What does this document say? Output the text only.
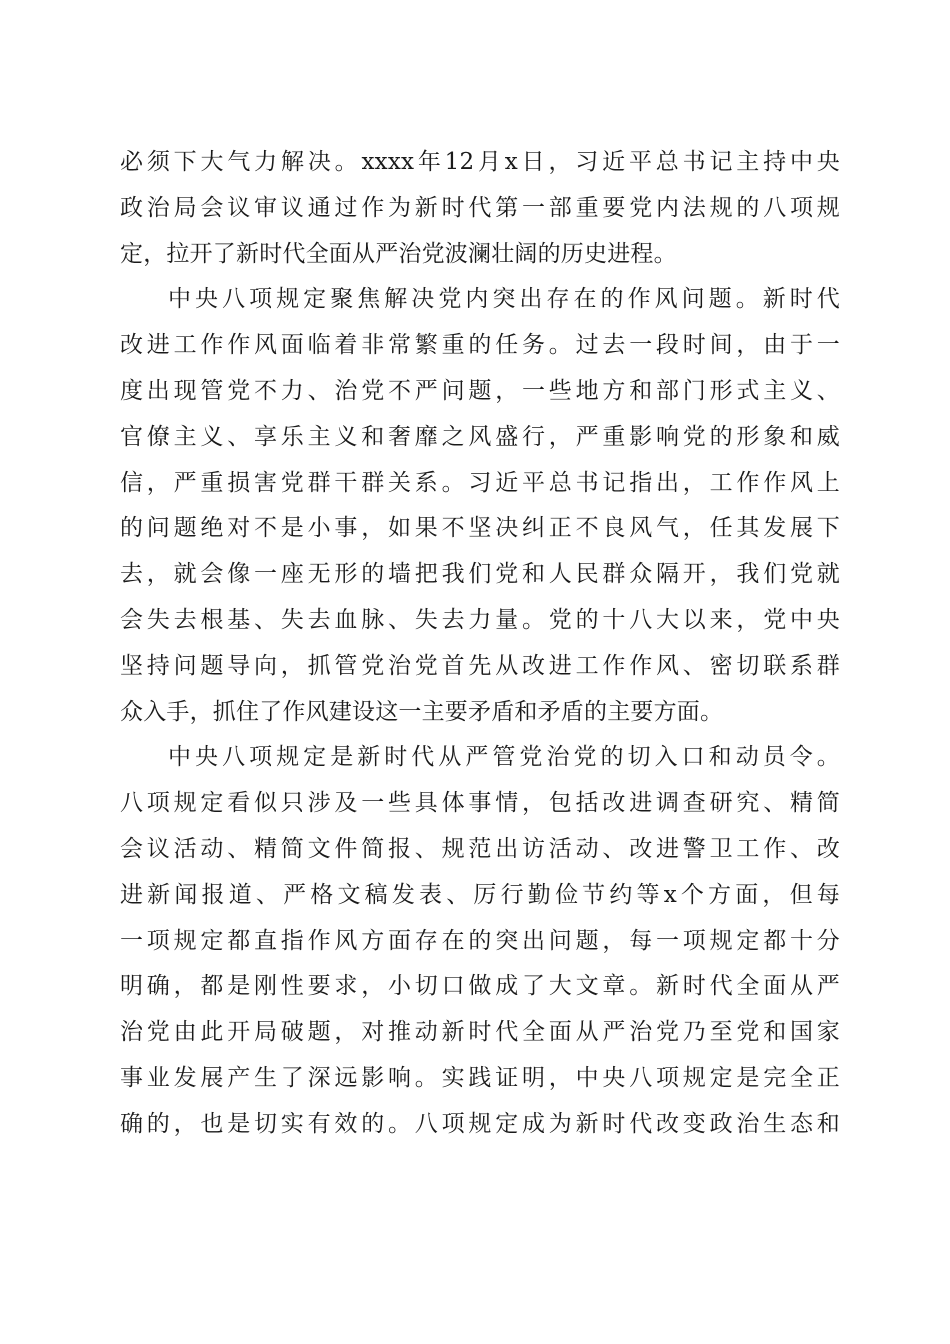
必须下大气力解决。xxxx年12月x日，习近平总书记主持中央
政治局会议审议通过作为新时代第一部重要党内法规的八项规
定，拉开了新时代全面从严治党波澜壮阔的历史进程。
中央八项规定聚焦解决党内突出存在的作风问题。新时代
改进工作作风面临着非常繁重的任务。过去一段时间，由于一
度出现管党不力、治党不严问题，一些地方和部门形式主义、
官僚主义、享乐主义和奢靡之风盛行，严重影响党的形象和威
信，严重损害党群干群关系。习近平总书记指出，工作作风上
的问题绝对不是小事，如果不坚决纠正不良风气，任其发展下
去，就会像一座无形的墙把我们党和人民群众隔开，我们党就
会失去根基、失去血脉、失去力量。党的十八大以来，党中央
坚持问题导向，抓管党治党首先从改进工作作风、密切联系群
众入手，抓住了作风建设这一主要矛盾和矛盾的主要方面。
中央八项规定是新时代从严管党治党的切入口和动员令。
八项规定看似只涉及一些具体事情，包括改进调查研究、精简
会议活动、精简文件简报、规范出访活动、改进警卫工作、改
进新闻报道、严格文稿发表、厉行勤俭节约等x个方面，但每
一项规定都直指作风方面存在的突出问题，每一项规定都十分
明确，都是刚性要求，小切口做成了大文章。新时代全面从严
治党由此开局破题，对推动新时代全面从严治党乃至党和国家
事业发展产生了深远影响。实践证明，中央八项规定是完全正
确的，也是切实有效的。八项规定成为新时代改变政治生态和
